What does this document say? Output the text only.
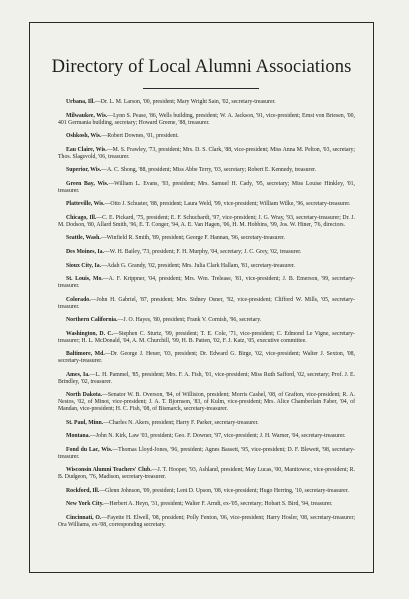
Directory of Local Alumni Associations

Urbana, Ill.—Dr. L. M. Larson, '00, president; Mary Wright Sain, '02, secretary-treasurer.

Milwaukee, Wis.—Lynn S. Pease, '86, Wells building, president; W. A. Jackson, '91, vice-president; Ernst von Briesen, '00, 401 Germania building, secretary; Howard Greene, '88, treasurer.

Oshkosh, Wis.—Robert Downes, '01, president.

Eau Claire, Wis.—M. S. Frawley, '73, president; Mrs. D. S. Clark, '88, vice-president; Miss Anna M. Pelton, '03, secretary; Thos. Slagsvold, '06, treasurer.

Superior, Wis.—A. C. Shong, '88, president; Miss Abbe Terry, '03, secretary; Robert E. Kennedy, treasurer.

Green Bay, Wis.—William L. Evans, '93, president; Mrs. Samuel H. Cady, '95, secretary; Miss Louise Hinkley, '01, treasurer.

Platteville, Wis.—Otto J. Schuster, '88, president; Laura Weld, '99, vice-president; William Wilke, '96, secretary-treasurer.

Chicago, Ill.—C. E. Pickard, '75, president; E. F. Schuchardt, '97, vice-president; J. G. Wray, '93, secretary-treasurer; Dr. J. M. Dodson, '80, Allard Smith, '96, E. T. Conger, '94, A. E. Van Hagen, '06, H. M. Hobbins, '99, Jos. W. Hiner, '76, directors.

Seattle, Wash.—Winfield R. Smith, '89, president; George F. Hannan, '96, secretary-treasurer.

Des Moines, Ia.—W. H. Bailey, '73, president; F. H. Murphy, '04, secretary; J. C. Grey, '02, treasurer.

Sioux City, Ia.—Adah G. Grandy, '02, president; Mrs. Julia Clark Hallam, '81, secretary-treasurer.

St. Louis, Mo.—A. F. Krippner, '04, president; Mrs. Wm. Trelease, '81, vice-president; J. B. Emerson, '99, secretary-treasurer.

Colorado.—John H. Gabriel, '87, president; Mrs. Sidney Osner, '92, vice-president; Clifford W. Mills, '05, secretary-treasurer.

Northern California.—J. O. Hayes, '80, president; Frank V. Cornish, '96, secretary.

Washington, D. C.—Stephen C. Sturtz, '99, president; T. E. Cole, '71, vice-president; C. Edmond Le Vigne, secretary-treasurer; H. L. McDonald, '04, A. M. Churchill, '99, H. B. Patten, '02, F. J. Katz, '05, executive committee.

Baltimore, Md.—Dr. George J. Heuer, '03, president; Dr. Edward G. Birge, '02, vice-president; Walter J. Sexton, '08, secretary-treasurer.

Ames, Ia.—L. H. Pammel, '85, president; Mrs. F. A. Fish, '01, vice-president; Miss Ruth Safford, '02, secretary; Prof. J. E. Brindley, '02, treasurer.

North Dakota.—Senator W. B. Overson, '84, of Williston, president; Morris Cashel, '08, of Grafton, vice-president; R. A. Nestos, '02, of Minot, vice-president; J. A. T. Bjornson, '83, of Kulm, vice-president; Mrs. Alice Chamberlain Faber, '04, of Mandan, vice-president; H. C. Fish, '08, of Bismarck, secretary-treasurer.

St. Paul, Minn.—Charles N. Akers, president; Harry F. Parker, secretary-treasurer.

Montana.—John N. Kirk, Law '03, president; Geo. F. Downer, '97, vice-president; J. H. Warner, '04, secretary-treasurer.

Fond du Lac, Wis.—Thomas Lloyd-Jones, '96, president; Agnes Bassett, '95, vice-president; D. F. Blewett, '98, secretary-treasurer.

Wisconsin Alumni Teachers' Club.—J. T. Hooper, '93, Ashland, president; May Lucas, '00, Manitowoc, vice-president; R. B. Dudgeon, '76, Madison, secretary-treasurer.

Rockford, Ill.—Glenn Johnson, '09, president; Lent D. Upson, '08, vice-president; Hugo Herring, '10, secretary-treasurer.

New York City.—Herbert A. Heyn, '31, president; Walter F. Arndt, ex-'05, secretary; Hobart S. Bird, '94, treasurer.

Cincinnati, O.—Fayette H. Elwell, '08, president; Polly Fenton, '06, vice-president; Harry Hosler, '08, secretary-treasurer; Ora Williams, ex-'08, corresponding secretary.
